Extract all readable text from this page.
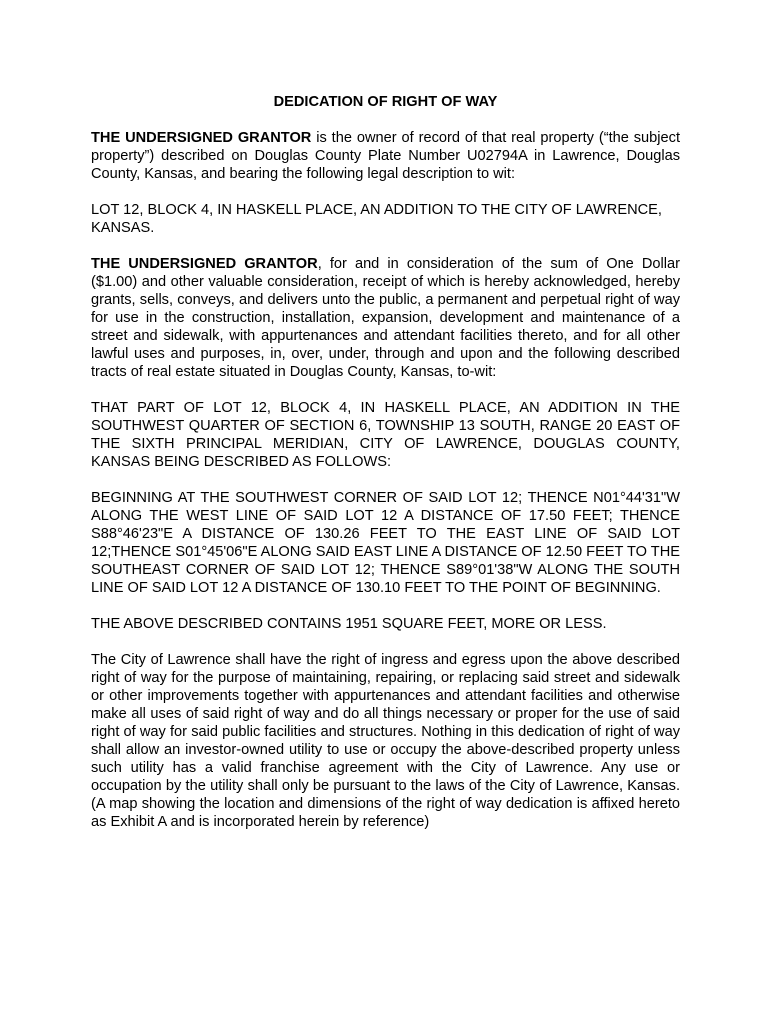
DEDICATION OF RIGHT OF WAY

THE UNDERSIGNED GRANTOR is the owner of record of that real property (“the subject property”) described on Douglas County Plate Number U02794A in Lawrence, Douglas County, Kansas, and bearing the following legal description to wit:

LOT 12, BLOCK 4, IN HASKELL PLACE, AN ADDITION TO THE CITY OF LAWRENCE, KANSAS.

THE UNDERSIGNED GRANTOR, for and in consideration of the sum of One Dollar ($1.00) and other valuable consideration, receipt of which is hereby acknowledged, hereby grants, sells, conveys, and delivers unto the public, a permanent and perpetual right of way for use in the construction, installation, expansion, development and maintenance of a street and sidewalk, with appurtenances and attendant facilities thereto, and for all other lawful uses and purposes, in, over, under, through and upon and the following described tracts of real estate situated in Douglas County, Kansas, to-wit:

THAT PART OF LOT 12, BLOCK 4, IN HASKELL PLACE, AN ADDITION IN THE SOUTHWEST QUARTER OF SECTION 6, TOWNSHIP 13 SOUTH, RANGE 20 EAST OF THE SIXTH PRINCIPAL MERIDIAN, CITY OF LAWRENCE, DOUGLAS COUNTY, KANSAS BEING DESCRIBED AS FOLLOWS:

BEGINNING AT THE SOUTHWEST CORNER OF SAID LOT 12; THENCE N01°44'31"W ALONG THE WEST LINE OF SAID LOT 12 A DISTANCE OF 17.50 FEET; THENCE S88°46'23"E A DISTANCE OF 130.26 FEET TO THE EAST LINE OF SAID LOT 12;THENCE S01°45'06"E ALONG SAID EAST LINE A DISTANCE OF 12.50 FEET TO THE SOUTHEAST CORNER OF SAID LOT 12; THENCE S89°01'38"W ALONG THE SOUTH LINE OF SAID LOT 12 A DISTANCE OF 130.10 FEET TO THE POINT OF BEGINNING.

THE ABOVE DESCRIBED CONTAINS 1951 SQUARE FEET, MORE OR LESS.

The City of Lawrence shall have the right of ingress and egress upon the above described right of way for the purpose of maintaining, repairing, or replacing said street and sidewalk or other improvements together with appurtenances and attendant facilities and otherwise make all uses of said right of way and do all things necessary or proper for the use of said right of way for said public facilities and structures. Nothing in this dedication of right of way shall allow an investor-owned utility to use or occupy the above-described property unless such utility has a valid franchise agreement with the City of Lawrence. Any use or occupation by the utility shall only be pursuant to the laws of the City of Lawrence, Kansas. (A map showing the location and dimensions of the right of way dedication is affixed hereto as Exhibit A and is incorporated herein by reference)
